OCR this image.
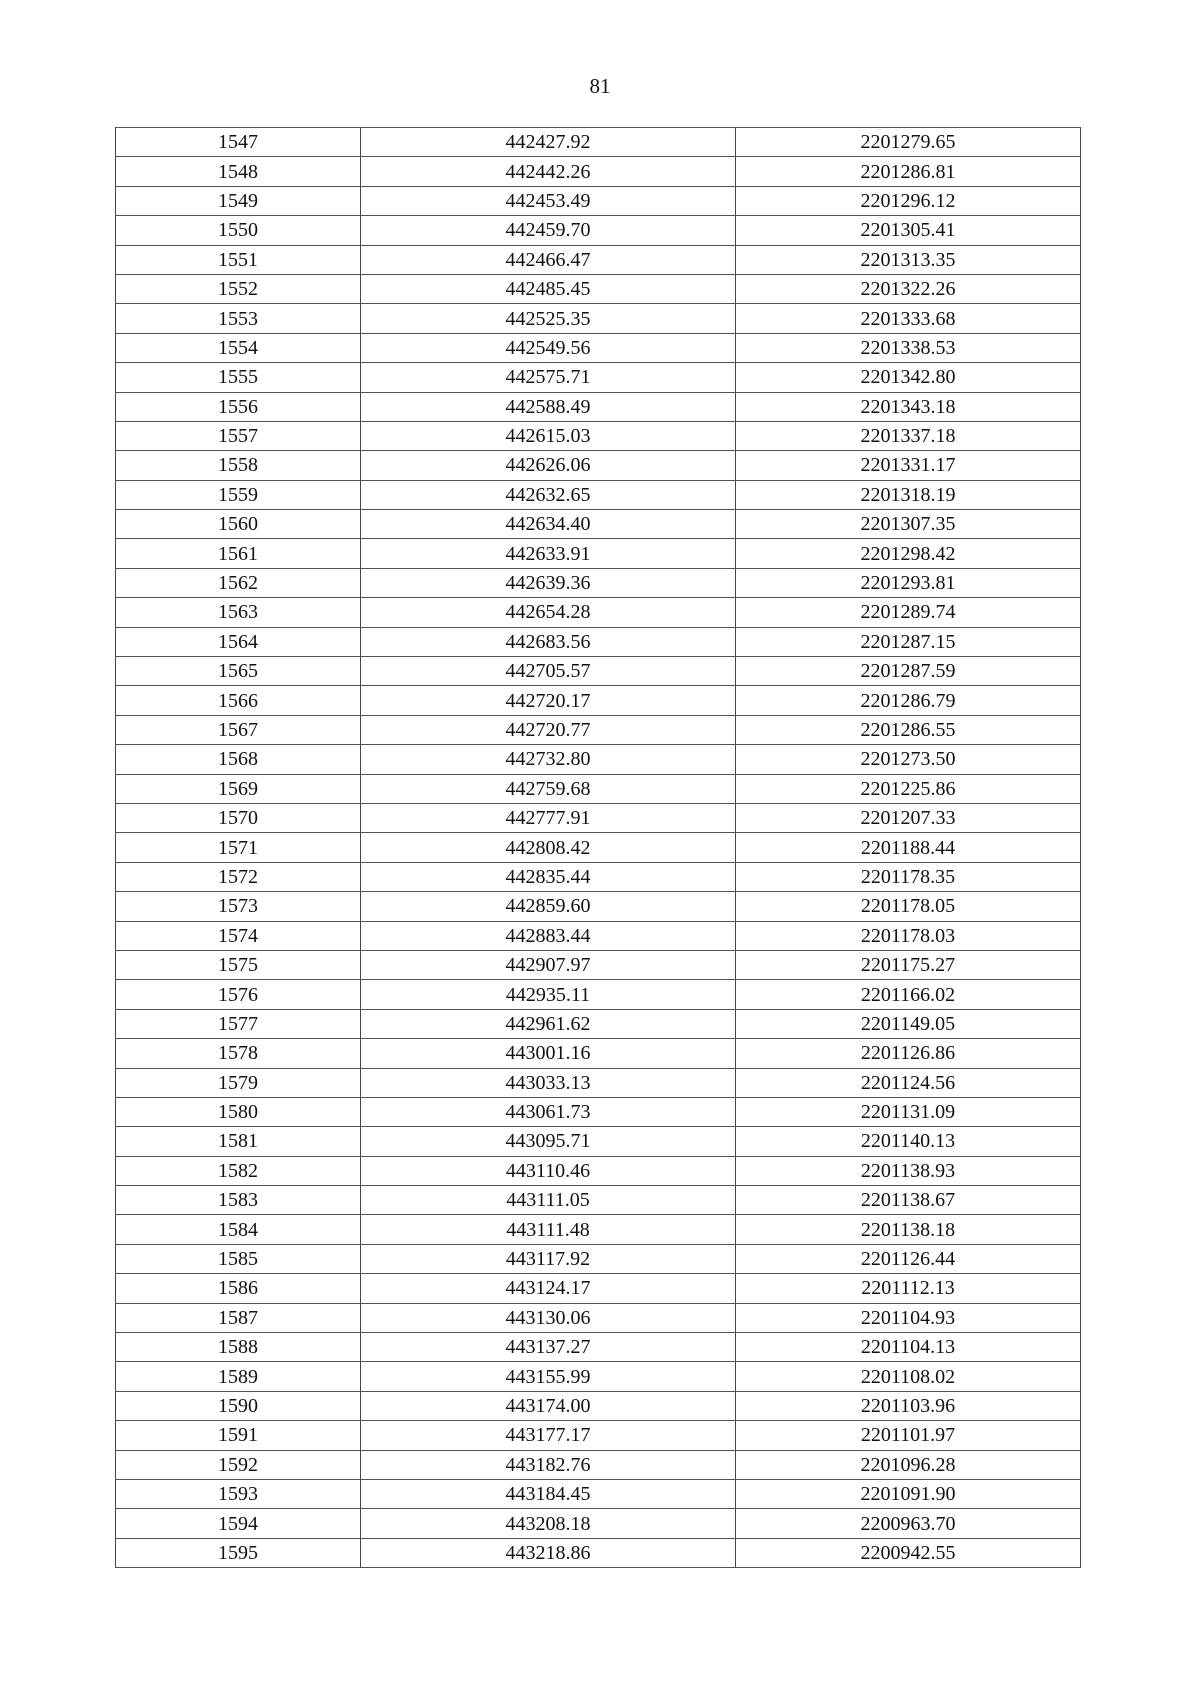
81
1547	442427.92	2201279.65
1548	442442.26	2201286.81
1549	442453.49	2201296.12
1550	442459.70	2201305.41
1551	442466.47	2201313.35
1552	442485.45	2201322.26
1553	442525.35	2201333.68
1554	442549.56	2201338.53
1555	442575.71	2201342.80
1556	442588.49	2201343.18
1557	442615.03	2201337.18
1558	442626.06	2201331.17
1559	442632.65	2201318.19
1560	442634.40	2201307.35
1561	442633.91	2201298.42
1562	442639.36	2201293.81
1563	442654.28	2201289.74
1564	442683.56	2201287.15
1565	442705.57	2201287.59
1566	442720.17	2201286.79
1567	442720.77	2201286.55
1568	442732.80	2201273.50
1569	442759.68	2201225.86
1570	442777.91	2201207.33
1571	442808.42	2201188.44
1572	442835.44	2201178.35
1573	442859.60	2201178.05
1574	442883.44	2201178.03
1575	442907.97	2201175.27
1576	442935.11	2201166.02
1577	442961.62	2201149.05
1578	443001.16	2201126.86
1579	443033.13	2201124.56
1580	443061.73	2201131.09
1581	443095.71	2201140.13
1582	443110.46	2201138.93
1583	443111.05	2201138.67
1584	443111.48	2201138.18
1585	443117.92	2201126.44
1586	443124.17	2201112.13
1587	443130.06	2201104.93
1588	443137.27	2201104.13
1589	443155.99	2201108.02
1590	443174.00	2201103.96
1591	443177.17	2201101.97
1592	443182.76	2201096.28
1593	443184.45	2201091.90
1594	443208.18	2200963.70
1595	443218.86	2200942.55
